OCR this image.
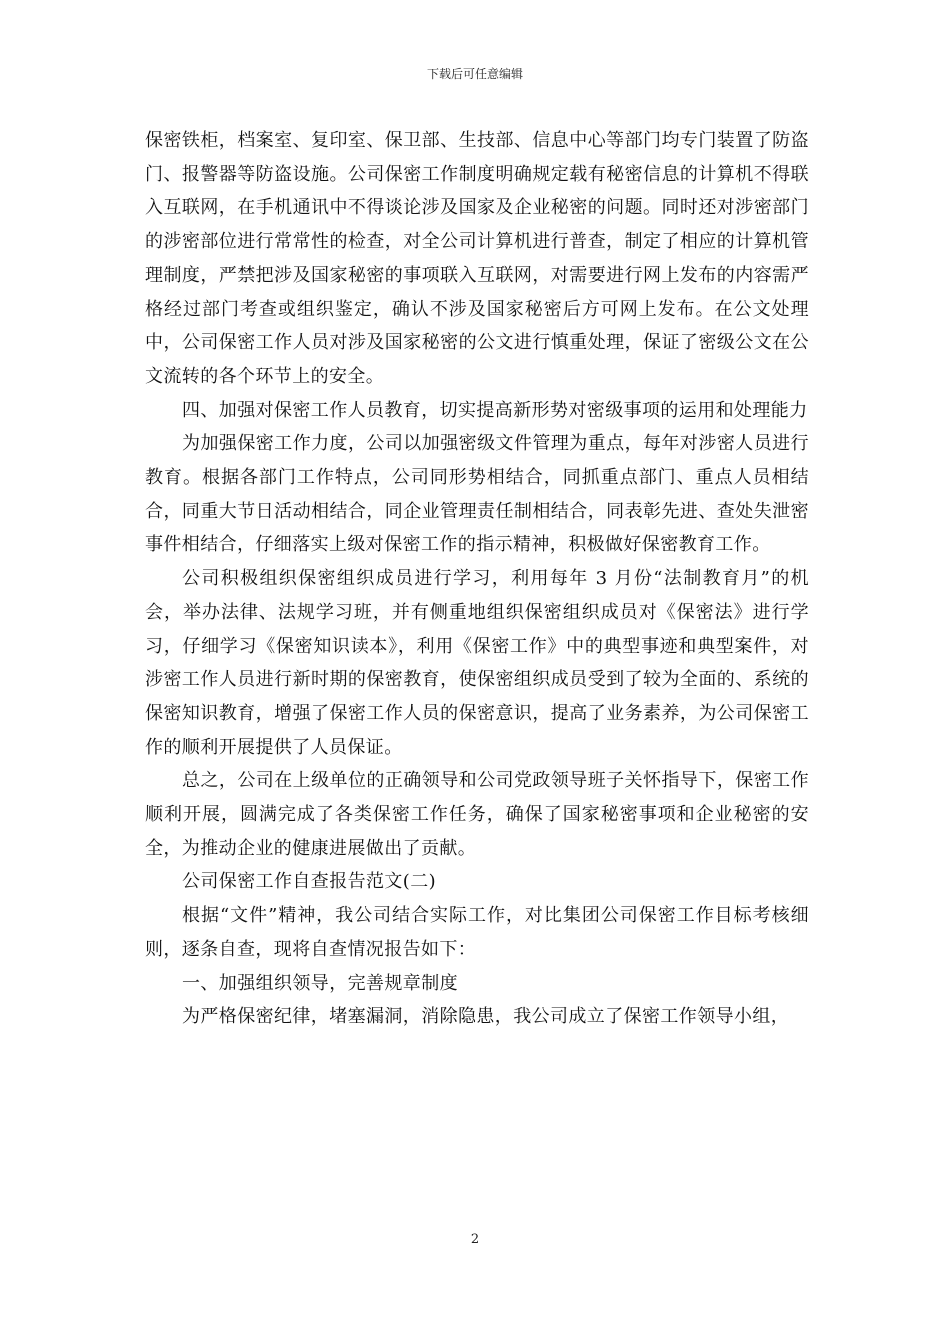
下载后可任意编辑

保密铁柜，档案室、复印室、保卫部、生技部、信息中心等部门均专门装置了防盗门、报警器等防盗设施。公司保密工作制度明确规定载有秘密信息的计算机不得联入互联网，在手机通讯中不得谈论涉及国家及企业秘密的问题。同时还对涉密部门的涉密部位进行常常性的检查，对全公司计算机进行普查，制定了相应的计算机管理制度，严禁把涉及国家秘密的事项联入互联网，对需要进行网上发布的内容需严格经过部门考查或组织鉴定，确认不涉及国家秘密后方可网上发布。在公文处理中，公司保密工作人员对涉及国家秘密的公文进行慎重处理，保证了密级公文在公文流转的各个环节上的安全。

四、加强对保密工作人员教育，切实提高新形势对密级事项的运用和处理能力

为加强保密工作力度，公司以加强密级文件管理为重点，每年对涉密人员进行教育。根据各部门工作特点，公司同形势相结合，同抓重点部门、重点人员相结合，同重大节日活动相结合，同企业管理责任制相结合，同表彰先进、查处失泄密事件相结合，仔细落实上级对保密工作的指示精神，积极做好保密教育工作。

公司积极组织保密组织成员进行学习，利用每年 3 月份“法制教育月”的机会，举办法律、法规学习班，并有侧重地组织保密组织成员对《保密法》进行学习，仔细学习《保密知识读本》，利用《保密工作》中的典型事迹和典型案件，对涉密工作人员进行新时期的保密教育，使保密组织成员受到了较为全面的、系统的保密知识教育，增强了保密工作人员的保密意识，提高了业务素养，为公司保密工作的顺利开展提供了人员保证。

总之，公司在上级单位的正确领导和公司党政领导班子关怀指导下，保密工作顺利开展，圆满完成了各类保密工作任务，确保了国家秘密事项和企业秘密的安全，为推动企业的健康进展做出了贡献。

公司保密工作自查报告范文(二)

根据“文件”精神，我公司结合实际工作，对比集团公司保密工作目标考核细则，逐条自查，现将自查情况报告如下：

一、加强组织领导，完善规章制度

为严格保密纪律，堵塞漏洞，消除隐患，我公司成立了保密工作领导小组，

2
